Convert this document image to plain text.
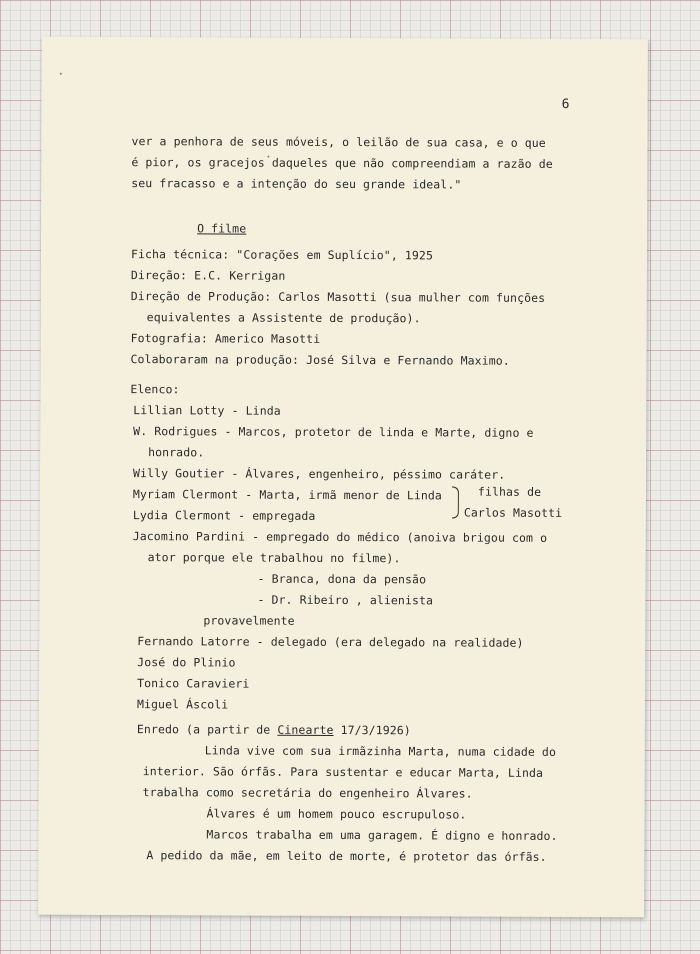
6
ver a penhora de seus móveis, o leilão de sua casa, e o que
é pior, os gracejos daqueles que não compreendiam a razão de
seu fracasso e a intenção do seu grande ideal."
O filme
Ficha técnica: "Corações em Suplício", 1925
Direção: E.C. Kerrigan
Direção de Produção: Carlos Masotti (sua mulher com funções
equivalentes a Assistente de produção).
Fotografia: Americo Masotti
Colaboraram na produção: José Silva e Fernando Maximo.
Elenco:
Lillian Lotty - Linda
W. Rodrigues - Marcos, protetor de linda e Marte, digno e
honrado.
Willy Goutier - Álvares, engenheiro, péssimo caráter.
Myriam Clermont - Marta, irmã menor de Linda
Lydia Clermont - empregada
filhas de
Carlos Masotti
Jacomino Pardini - empregado do médico (anoiva brigou com o
ator porque ele trabalhou no filme).
- Branca, dona da pensão
- Dr. Ribeiro , alienista
provavelmente
Fernando Latorre - delegado (era delegado na realidade)
José do Plinio
Tonico Caravieri
Miguel Áscoli
Enredo (a partir de Cinearte 17/3/1926)
Linda vive com sua irmãzinha Marta, numa cidade do
interior. São órfãs. Para sustentar e educar Marta, Linda
trabalha como secretária do engenheiro Álvares.
Álvares é um homem pouco escrupuloso.
Marcos trabalha em uma garagem. É digno e honrado.
A pedido da mãe, em leito de morte, é protetor das órfãs.
